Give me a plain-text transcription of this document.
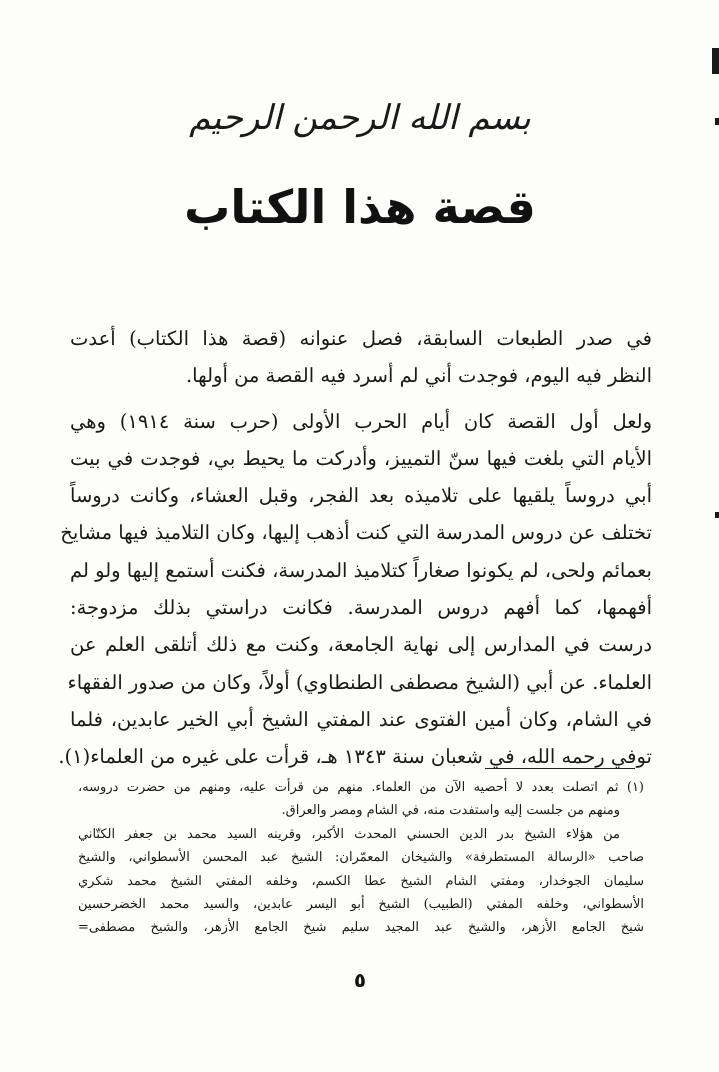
بسم الله الرحمن الرحيم
قصة هذا الكتاب
في صدر الطبعات السابقة، فصل عنوانه (قصة هذا الكتاب) أعدت
النظر فيه اليوم، فوجدت أني لم أسرد فيه القصة من أولها.
ولعل أول القصة كان أيام الحرب الأولى (حرب سنة ١٩١٤) وهي
الأيام التي بلغت فيها سنّ التمييز، وأدركت ما يحيط بي، فوجدت في بيت
أبي دروساً يلقيها على تلاميذه بعد الفجر، وقبل العشاء، وكانت دروساً
تختلف عن دروس المدرسة التي كنت أذهب إليها، وكان التلاميذ فيها مشايخ
بعمائم ولحى، لم يكونوا صغاراً كتلاميذ المدرسة، فكنت أستمع إليها ولو لم
أفهمها، كما أفهم دروس المدرسة. فكانت دراستي بذلك مزدوجة:
درست في المدارس إلى نهاية الجامعة، وكنت مع ذلك أتلقى العلم عن
العلماء. عن أبي (الشيخ مصطفى الطنطاوي) أولاً، وكان من صدور الفقهاء
في الشام، وكان أمين الفتوى عند المفتي الشيخ أبي الخير عابدين، فلما
توفي رحمه الله، في شعبان سنة ١٣٤٣ هـ، قرأت على غيره من العلماء(١).
(١) ثم اتصلت بعدد لا أحصيه الآن من العلماء. منهم من قرأت عليه، ومنهم من حضرت دروسه،
ومنهم من جلست إليه واستفدت منه، في الشام ومصر والعراق.
من هؤلاء الشيخ بدر الدين الحسني المحدث الأكبر، وقرينه السيد محمد بن جعفر الكتّاني
صاحب «الرسالة المستطرفة» والشيخان المعمّران: الشيخ عبد المحسن الأسطواني، والشيخ
سليمان الجوخدار، ومفتي الشام الشيخ عطا الكسم، وخلفه المفتي الشيخ محمد شكري
الأسطواني، وخلفه المفتي (الطبيب) الشيخ أبو اليسر عابدين، والسيد محمد الخضرحسين
شيخ الجامع الأزهر، والشيخ عبد المجيد سليم شيخ الجامع الأزهر، والشيخ مصطفى=
٥
